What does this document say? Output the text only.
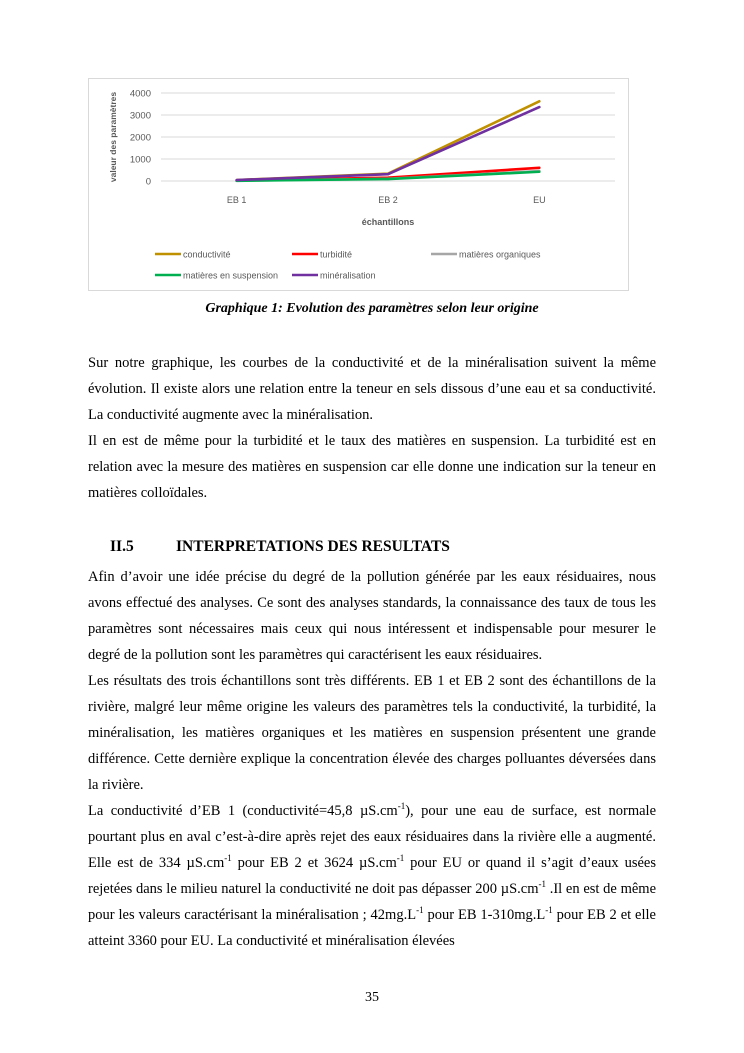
0
1000
2000
3000
4000
EB 1	EB 2	EU
échantillons
valeur des paramètres
conductivité	turbidité	matières organiques
matières en suspension	minéralisation
Graphique 1: Evolution des paramètres selon leur origine

Sur notre graphique, les courbes de la conductivité et de la minéralisation suivent la même évolution. Il existe alors une relation entre la teneur en sels dissous d’une eau et sa conductivité. La conductivité augmente avec la minéralisation.

Il en est de même pour la turbidité et le taux des matières en suspension. La turbidité est en relation avec la mesure des matières en suspension car elle donne une indication sur la teneur en matières colloïdales.

II.5	INTERPRETATIONS DES RESULTATS

Afin d’avoir une idée précise du degré de la pollution générée par les eaux résiduaires, nous avons effectué des analyses. Ce sont des analyses standards, la connaissance des taux de tous les paramètres sont nécessaires mais ceux qui nous intéressent et indispensable pour mesurer le degré de la pollution sont les paramètres qui caractérisent les eaux résiduaires.

Les résultats des trois échantillons sont très différents. EB 1 et EB 2 sont des échantillons de la rivière, malgré leur même origine les valeurs des paramètres tels la conductivité, la turbidité, la minéralisation, les matières organiques et les matières en suspension présentent une grande différence. Cette dernière explique la concentration élevée des charges polluantes déversées dans la rivière.

La conductivité d’EB 1 (conductivité=45,8 $\mu S.cm^{-1}$), pour une eau de surface, est normale pourtant plus en aval c’est-à-dire après rejet des eaux résiduaires dans la rivière elle a augmenté. Elle est de 334 $\mu S.cm^{-1}$ pour EB 2 et 3624 $\mu S.cm^{-1}$ pour EU or quand il s’agit d’eaux usées rejetées dans le milieu naturel la conductivité ne doit pas dépasser 200 $\mu S.cm^{-1}$ .Il en est de même pour les valeurs caractérisant la minéralisation ; $42mg.L^{-1}$ pour EB $1-310mg.L^{-1}$ pour EB 2 et elle atteint 3360 pour EU. La conductivité et minéralisation élevées

35
